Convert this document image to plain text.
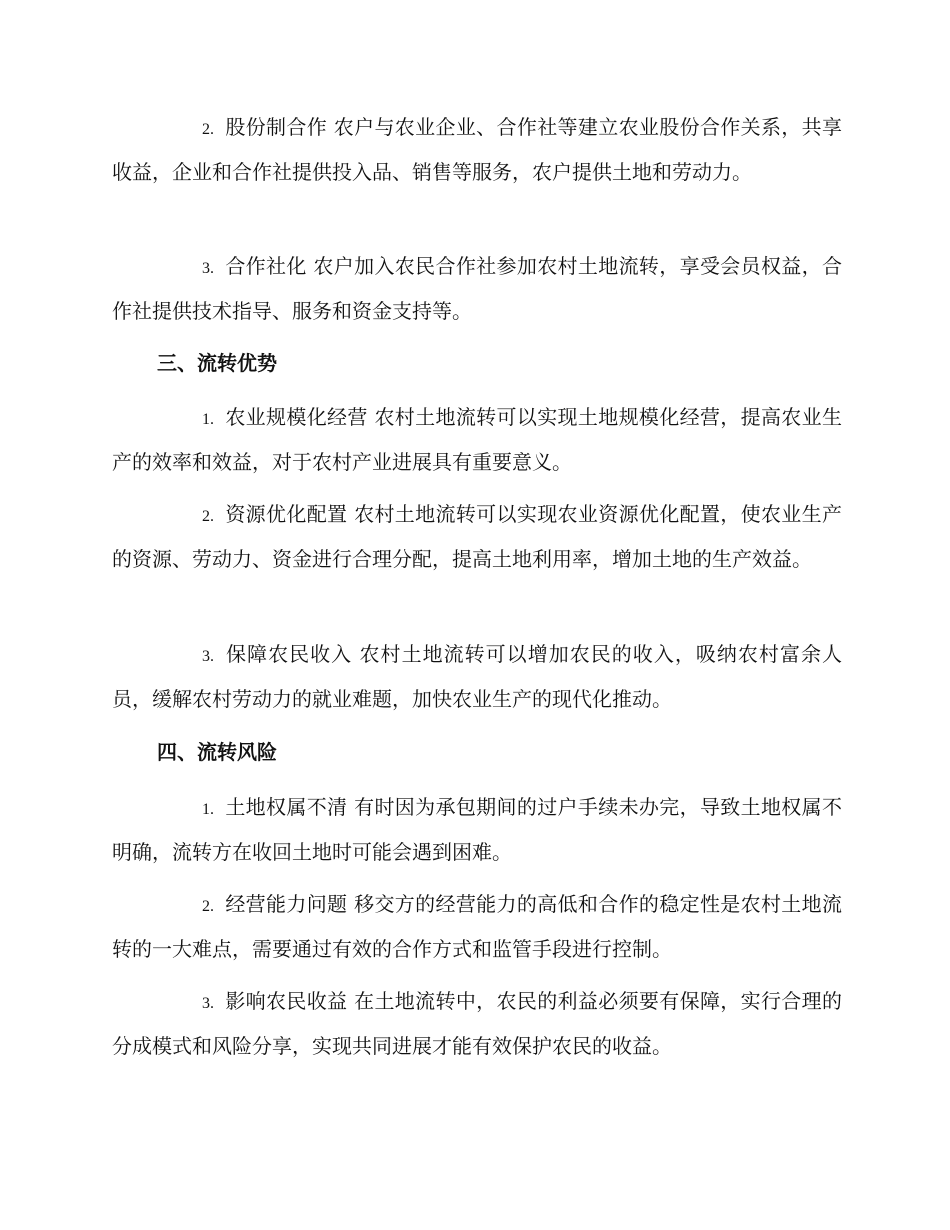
2. 股份制合作 农户与农业企业、合作社等建立农业股份合作关系，共享收益，企业和合作社提供投入品、销售等服务，农户提供土地和劳动力。

3. 合作社化 农户加入农民合作社参加农村土地流转，享受会员权益，合作社提供技术指导、服务和资金支持等。

三、流转优势

1. 农业规模化经营 农村土地流转可以实现土地规模化经营，提高农业生产的效率和效益，对于农村产业进展具有重要意义。

2. 资源优化配置 农村土地流转可以实现农业资源优化配置，使农业生产的资源、劳动力、资金进行合理分配，提高土地利用率，增加土地的生产效益。

3. 保障农民收入 农村土地流转可以增加农民的收入，吸纳农村富余人员，缓解农村劳动力的就业难题，加快农业生产的现代化推动。

四、流转风险

1. 土地权属不清 有时因为承包期间的过户手续未办完，导致土地权属不明确，流转方在收回土地时可能会遇到困难。

2. 经营能力问题 移交方的经营能力的高低和合作的稳定性是农村土地流转的一大难点，需要通过有效的合作方式和监管手段进行控制。

3. 影响农民收益 在土地流转中，农民的利益必须要有保障，实行合理的分成模式和风险分享，实现共同进展才能有效保护农民的收益。
